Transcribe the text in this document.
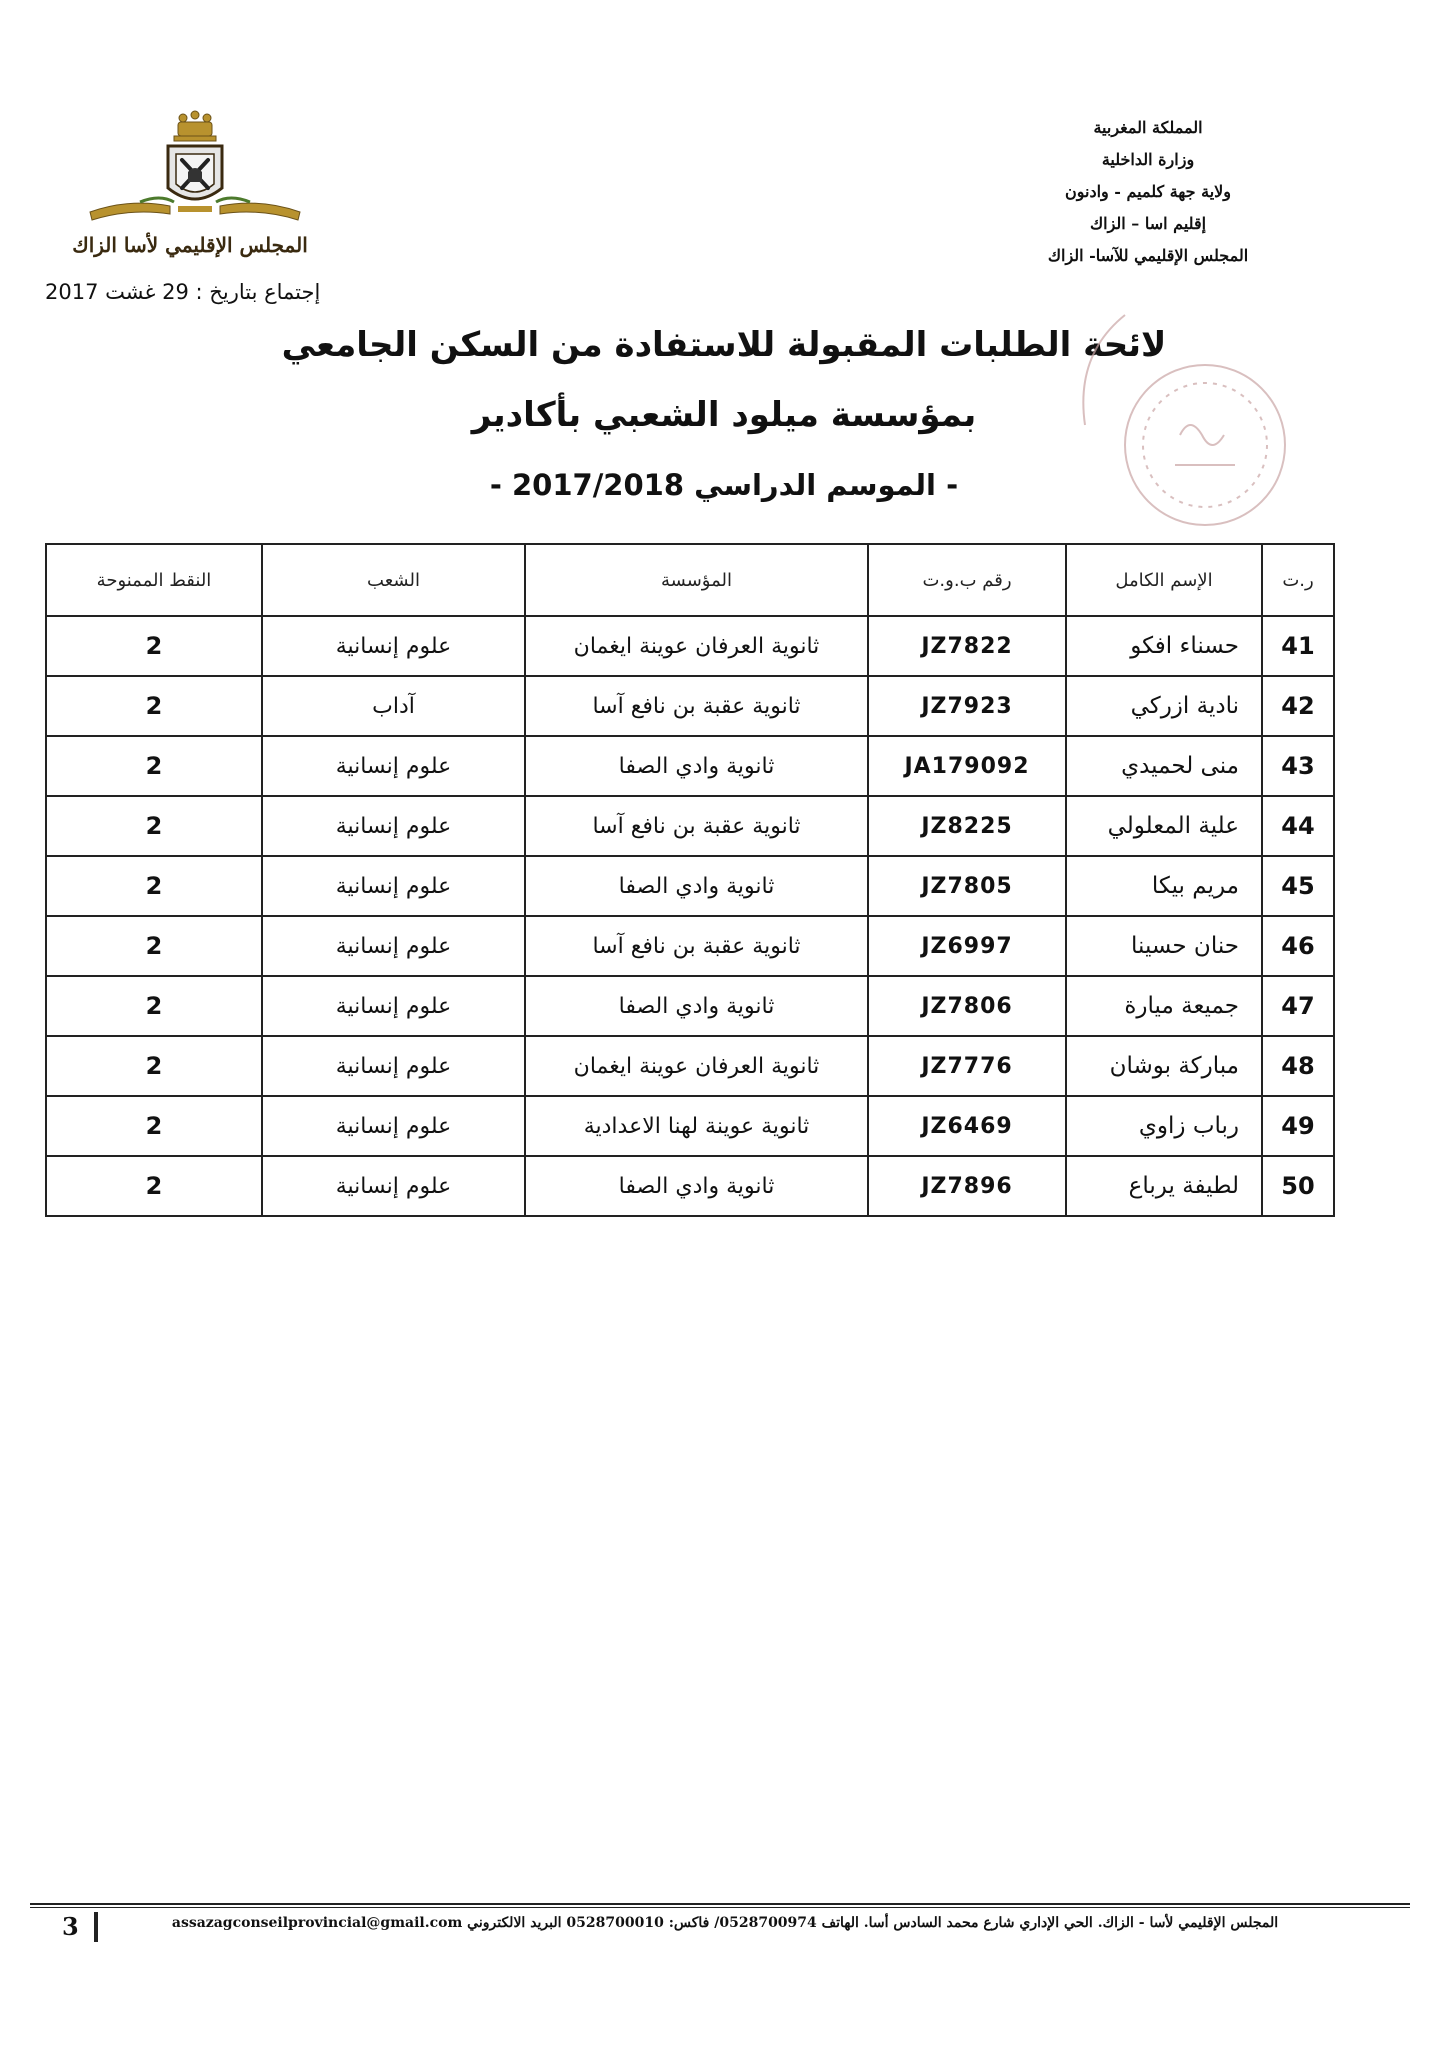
المملكة المغربية
وزارة الداخلية
ولاية جهة كلميم - وادنون
إقليم اسا – الزاك
المجلس الإقليمي للآسا- الزاك
المجلس الإقليمي لأسا الزاك
إجتماع بتاريخ : 29 غشت 2017
لائحة الطلبات المقبولة للاستفادة من السكن الجامعي
بمؤسسة ميلود الشعبي بأكادير
- الموسم الدراسي 2017/2018 -
ر.ت	الإسم الكامل	رقم ب.و.ت	المؤسسة	الشعب	النقط الممنوحة
41	حسناء افكو	JZ7822	ثانوية العرفان عوينة ايغمان	علوم إنسانية	2
42	نادية ازركي	JZ7923	ثانوية عقبة بن نافع آسا	آداب	2
43	منى لحميدي	JA179092	ثانوية وادي الصفا	علوم إنسانية	2
44	علية المعلولي	JZ8225	ثانوية عقبة بن نافع آسا	علوم إنسانية	2
45	مريم بيكا	JZ7805	ثانوية وادي الصفا	علوم إنسانية	2
46	حنان حسينا	JZ6997	ثانوية عقبة بن نافع آسا	علوم إنسانية	2
47	جميعة ميارة	JZ7806	ثانوية وادي الصفا	علوم إنسانية	2
48	مباركة بوشان	JZ7776	ثانوية العرفان عوينة ايغمان	علوم إنسانية	2
49	رباب زاوي	JZ6469	ثانوية عوينة لهنا الاعدادية	علوم إنسانية	2
50	لطيفة يرباع	JZ7896	ثانوية وادي الصفا	علوم إنسانية	2
المجلس الإقليمي لأسا - الزاك. الحي الإداري شارع محمد السادس أسا. الهاتف 0528700974/ فاكس: 0528700010 البريد الالكتروني assazagconseilprovincial@gmail.com
3
